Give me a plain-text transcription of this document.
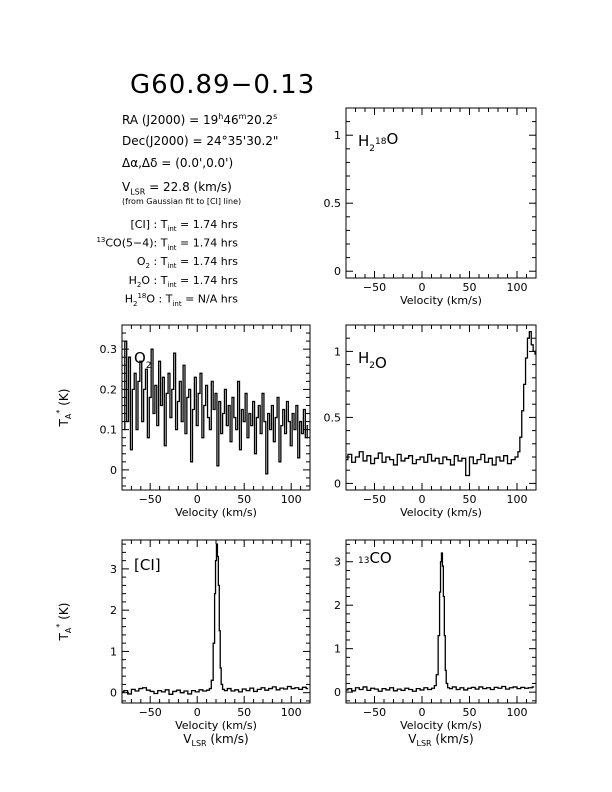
G60.89−0.13
RA $(J2000) = 19^h46^m20.2^s$
Dec(J2000) = 24°35'30.2"
Δα,Δδ = (0.0',0.0')
$V_{LSR} = 22.8$ (km/s)
(from Gaussian fit to [CI] line)
[CI] : $T_{int} = 1.74$ hrs
$^{13}$CO(5−4): $T_{int} = 1.74$ hrs
$O_2$ : $T_{int} = 1.74$ hrs
$H_2O$ : $T_{int} = 1.74$ hrs
$H_2^{18}O$ : $T_{int} = N/A$ hrs
−50	0	50	100
0
0.5
1 $H_2^{18}O$
Velocity (km/s)
−50	0	50	100
0
0.1
0.2
0.3 $O_2$
Velocity (km/s)
$T_A^*$ (K)
−50	0	50	100
0
0.5
1 $H_2O$
Velocity (km/s)
−50	0	50	100
0
1
2
3 [CI]
Velocity (km/s)
$V_{LSR}$ (km/s)
$T_A^*$ (K)
−50	0	50	100
0
1
2
3 $^{13}$CO
Velocity (km/s)
$V_{LSR}$ (km/s)
